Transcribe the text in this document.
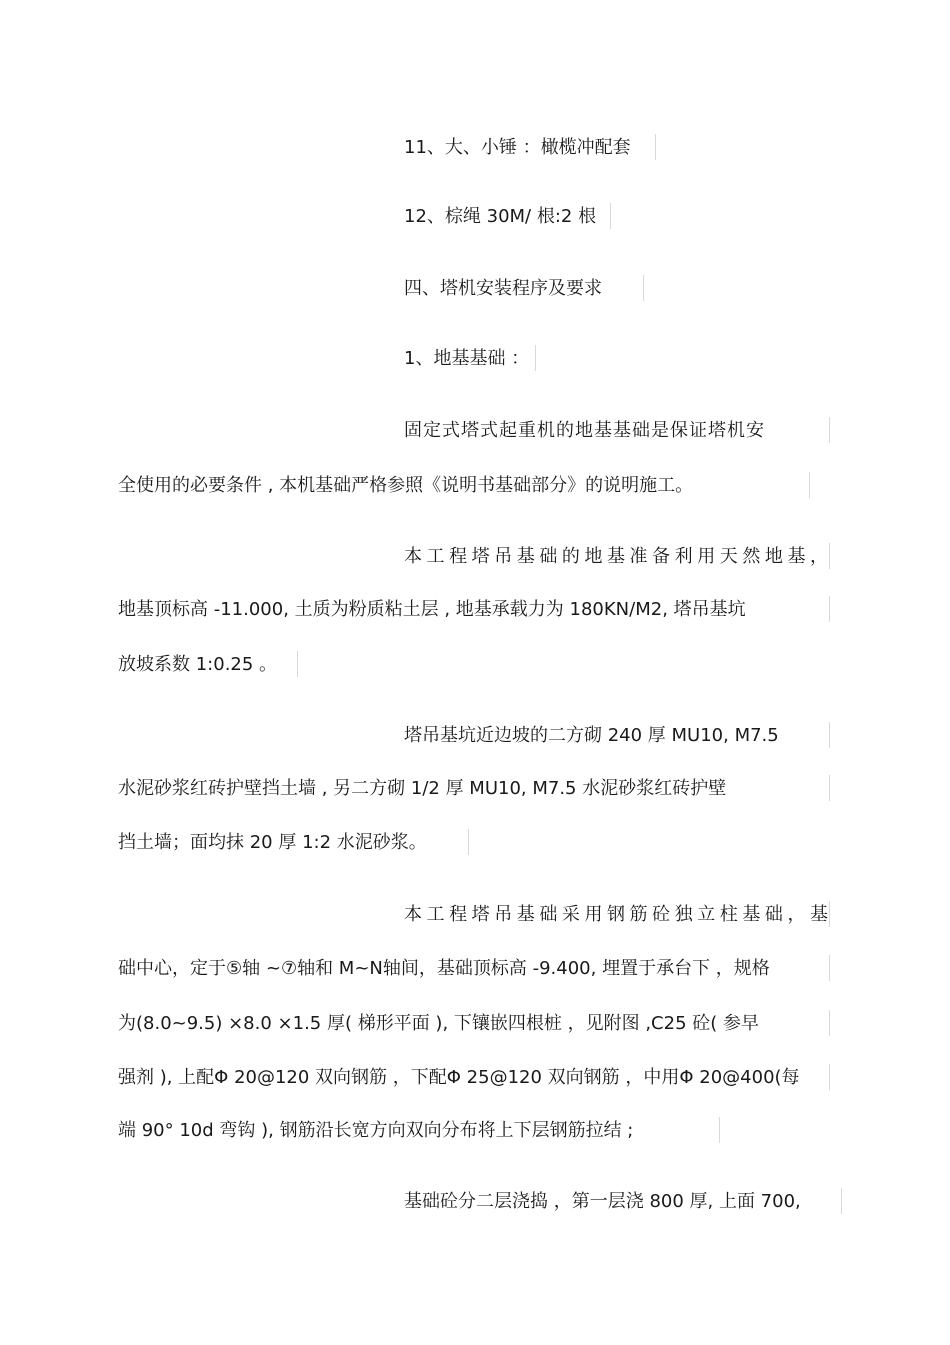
11、大、小锤 ：橄榄冲配套
12、棕绳 30M/ 根:2 根
四、塔机安装程序及要求
1、地基基础 ：
固定式塔式起重机的地基基础是保证塔机安
全使用的必要条件 , 本机基础严格参照《说明书基础部分》的说明施工。
本工程塔吊基础的地基准备利用天然地基，
地基顶标高 -11.000, 土质为粉质粘土层 , 地基承载力为 180KN/M2, 塔吊基坑
放坡系数 1:0.25 。
塔吊基坑近边坡的二方砌 240 厚 MU10, M7.5
水泥砂浆红砖护壁挡土墙 , 另二方砌 1/2 厚 MU10, M7.5 水泥砂浆红砖护壁
挡土墙；面均抹 20 厚 1:2 水泥砂浆。
本工程塔吊基础采用钢筋砼独立柱基础，基
础中心，定于⑤轴 ~⑦轴和 M~N轴间，基础顶标高 -9.400, 埋置于承台下 ，规格
为(8.0~9.5) ×8.0 ×1.5 厚( 梯形平面 ), 下镶嵌四根桩 ，见附图 ,C25 砼( 参早
强剂 ), 上配Φ 20@120 双向钢筋 ，下配Φ 25@120 双向钢筋 ，中用Φ 20@400(每
端 90° 10d 弯钩 ), 钢筋沿长宽方向双向分布将上下层钢筋拉结 ;
基础砼分二层浇捣 ，第一层浇 800 厚, 上面 700,
